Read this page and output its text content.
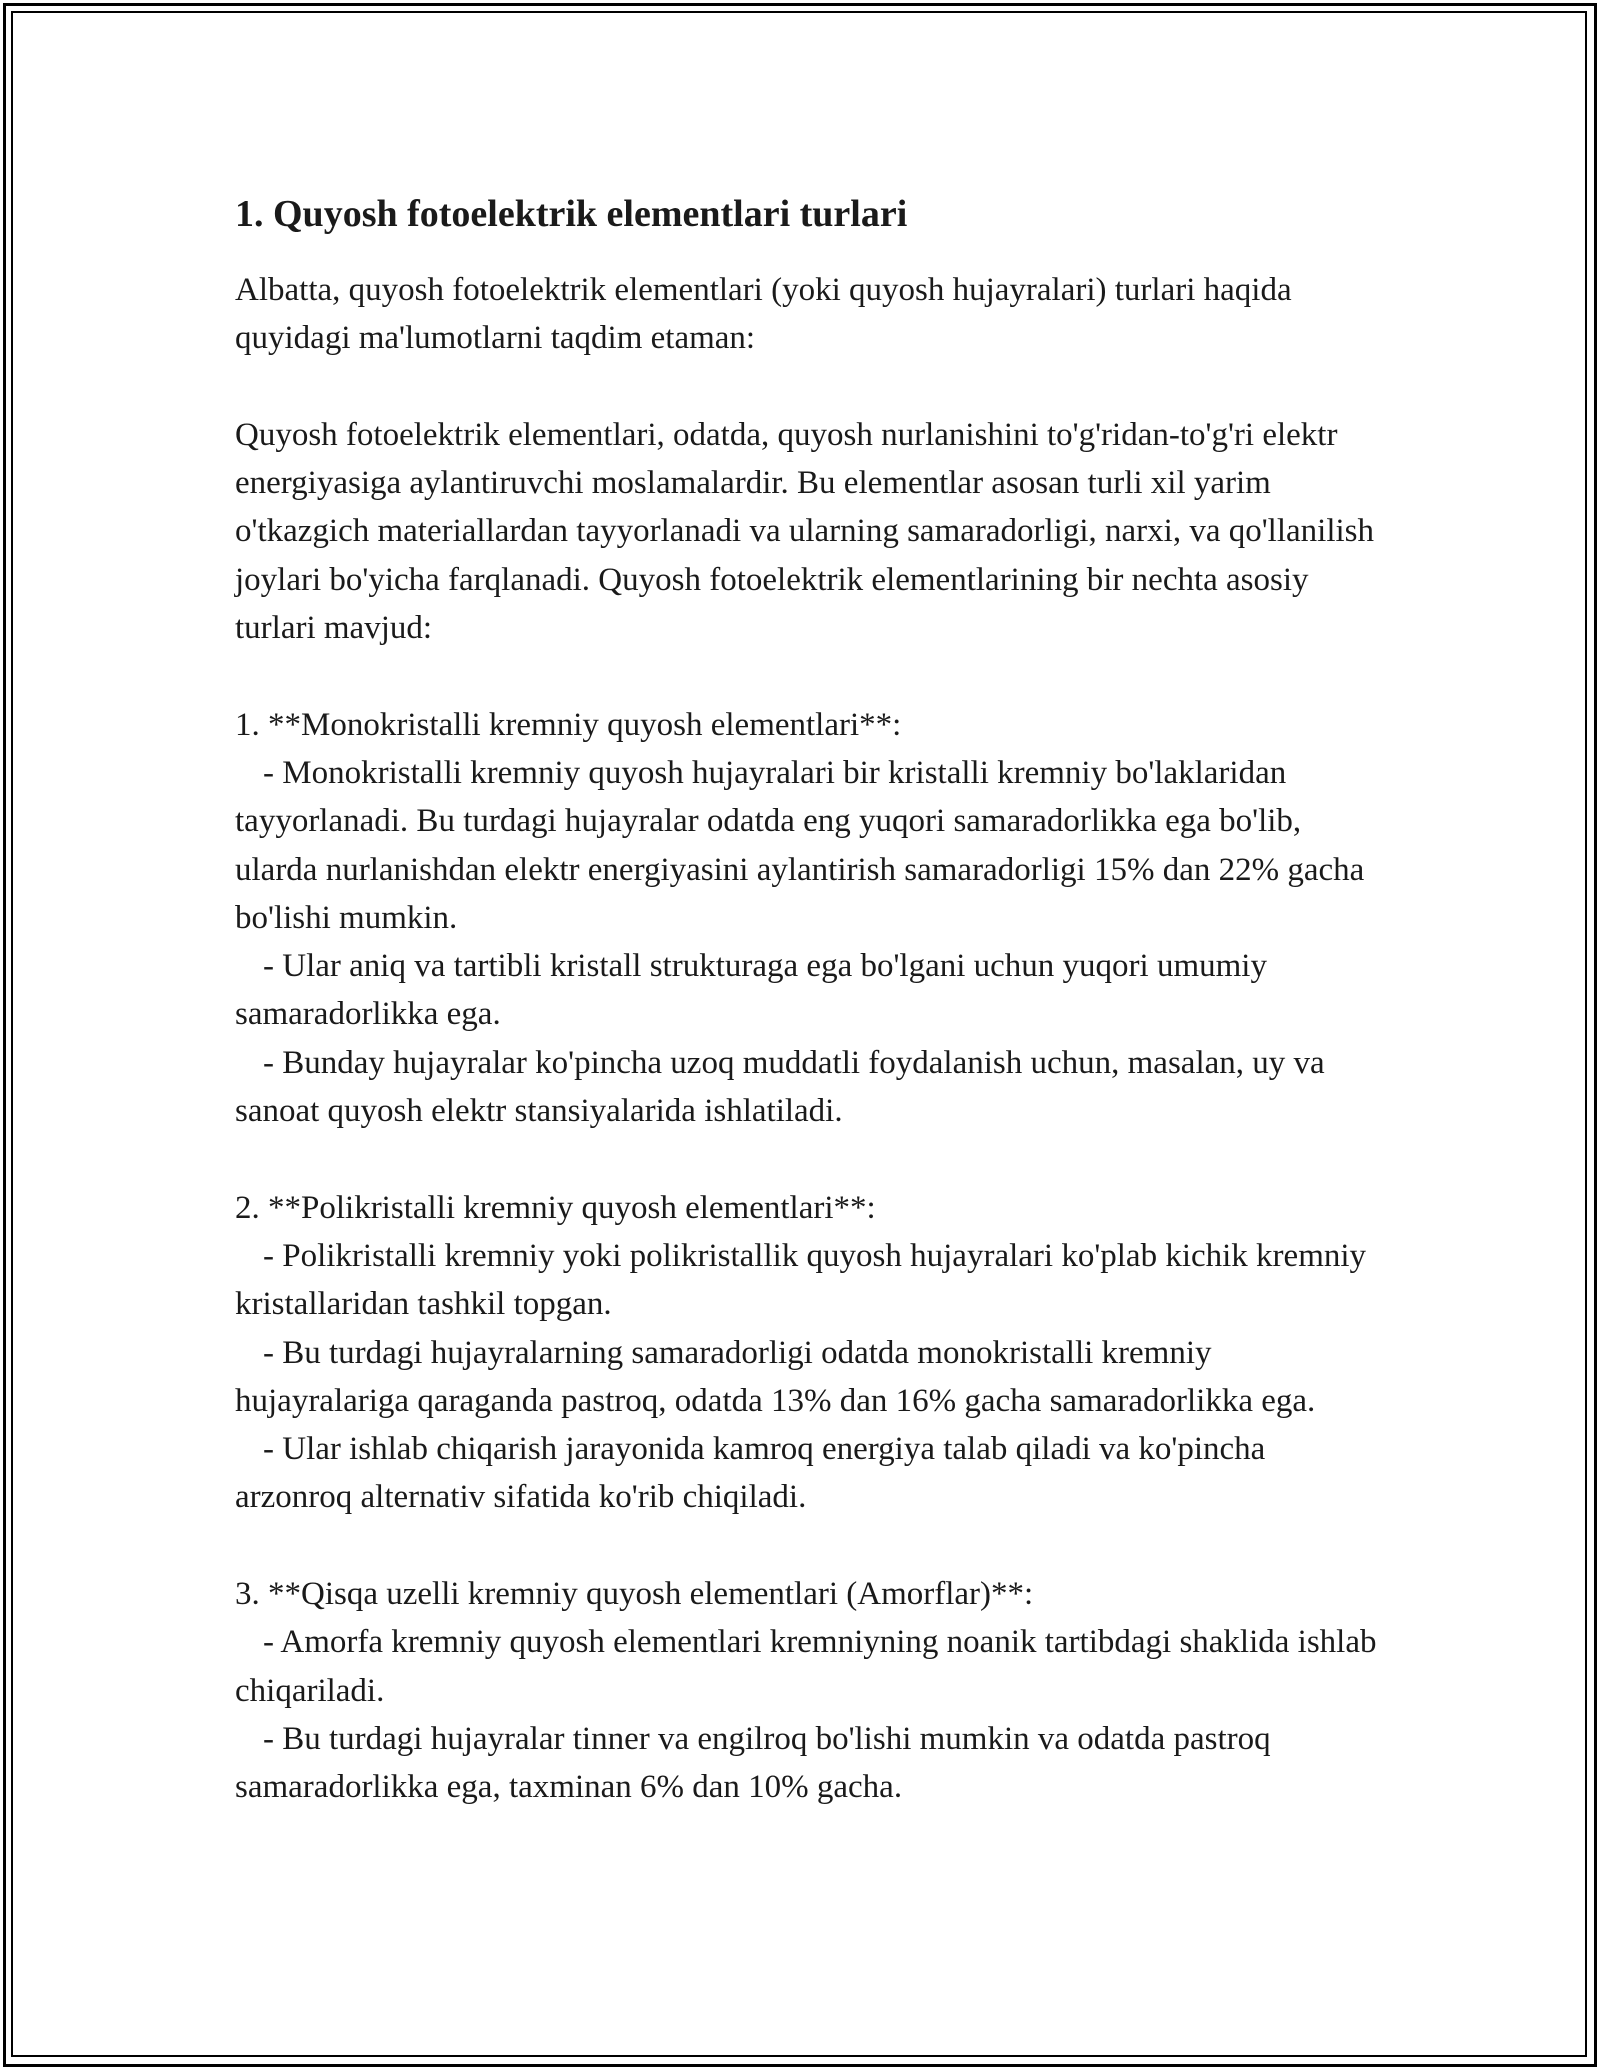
1. Quyosh fotoelektrik elementlari turlari

Albatta, quyosh fotoelektrik elementlari (yoki quyosh hujayralari) turlari haqida quyidagi ma'lumotlarni taqdim etaman:

Quyosh fotoelektrik elementlari, odatda, quyosh nurlanishini to'g'ridan-to'g'ri elektr energiyasiga aylantiruvchi moslamalardir. Bu elementlar asosan turli xil yarim o'tkazgich materiallardan tayyorlanadi va ularning samaradorligi, narxi, va qo'llanilish joylari bo'yicha farqlanadi. Quyosh fotoelektrik elementlarining bir nechta asosiy turlari mavjud:

1. **Monokristalli kremniy quyosh elementlari**:

- Monokristalli kremniy quyosh hujayralari bir kristalli kremniy bo'laklaridan tayyorlanadi. Bu turdagi hujayralar odatda eng yuqori samaradorlikka ega bo'lib, ularda nurlanishdan elektr energiyasini aylantirish samaradorligi 15% dan 22% gacha bo'lishi mumkin.

- Ular aniq va tartibli kristall strukturaga ega bo'lgani uchun yuqori umumiy samaradorlikka ega.

- Bunday hujayralar ko'pincha uzoq muddatli foydalanish uchun, masalan, uy va sanoat quyosh elektr stansiyalarida ishlatiladi.

2. **Polikristalli kremniy quyosh elementlari**:

- Polikristalli kremniy yoki polikristallik quyosh hujayralari ko'plab kichik kremniy kristallaridan tashkil topgan.

- Bu turdagi hujayralarning samaradorligi odatda monokristalli kremniy hujayralariga qaraganda pastroq, odatda 13% dan 16% gacha samaradorlikka ega.

- Ular ishlab chiqarish jarayonida kamroq energiya talab qiladi va ko'pincha arzonroq alternativ sifatida ko'rib chiqiladi.

3. **Qisqa uzelli kremniy quyosh elementlari (Amorflar)**:

- Amorfa kremniy quyosh elementlari kremniyning noanik tartibdagi shaklida ishlab chiqariladi.

- Bu turdagi hujayralar tinner va engilroq bo'lishi mumkin va odatda pastroq samaradorlikka ega, taxminan 6% dan 10% gacha.
